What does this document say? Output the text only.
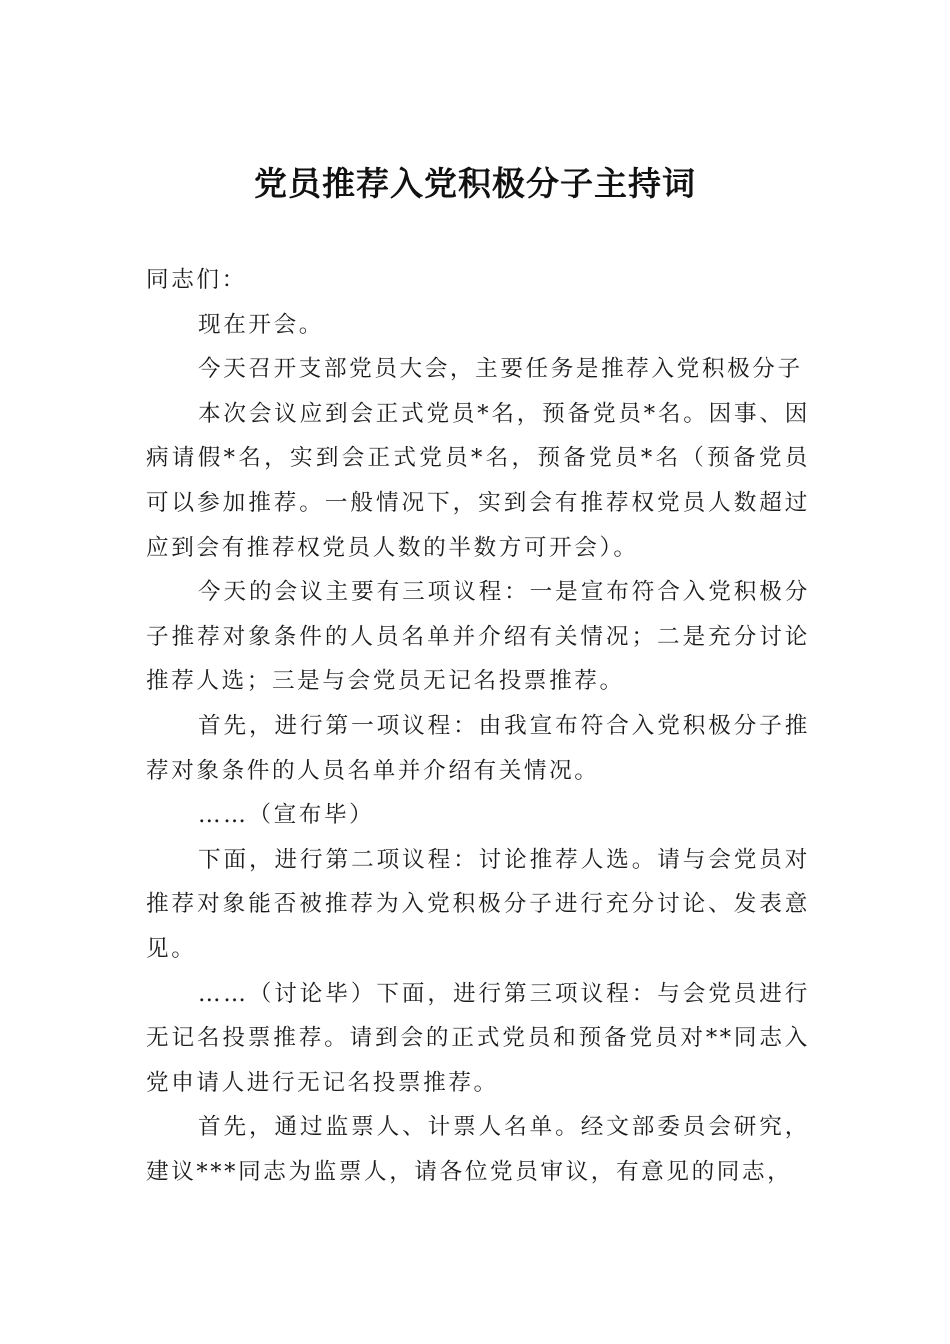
党员推荐入党积极分子主持词

同志们：

现在开会。

今天召开支部党员大会，主要任务是推荐入党积极分子

本次会议应到会正式党员*名，预备党员*名。因事、因病请假*名，实到会正式党员*名，预备党员*名（预备党员可以参加推荐。一般情况下，实到会有推荐权党员人数超过应到会有推荐权党员人数的半数方可开会）。

今天的会议主要有三项议程：一是宣布符合入党积极分子推荐对象条件的人员名单并介绍有关情况；二是充分讨论推荐人选；三是与会党员无记名投票推荐。

首先，进行第一项议程：由我宣布符合入党积极分子推荐对象条件的人员名单并介绍有关情况。

……（宣布毕）

下面，进行第二项议程：讨论推荐人选。请与会党员对推荐对象能否被推荐为入党积极分子进行充分讨论、发表意见。

……（讨论毕）下面，进行第三项议程：与会党员进行无记名投票推荐。请到会的正式党员和预备党员对**同志入党申请人进行无记名投票推荐。

首先，通过监票人、计票人名单。经文部委员会研究，建议***同志为监票人，请各位党员审议，有意见的同志，
